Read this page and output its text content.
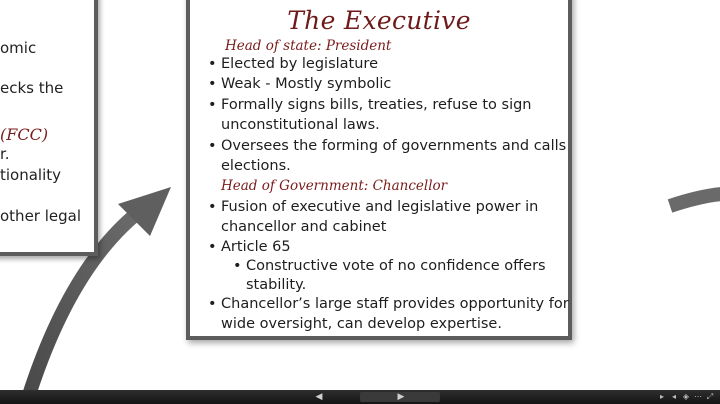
omic
ecks the
(FCC)
r.
tionality
other legal
The Executive
Head of state: President
• Elected by legislature
• Weak - Mostly symbolic
• Formally signs bills, treaties, refuse to sign
unconstitutional laws.
• Oversees the forming of governments and calls
elections.
Head of Government: Chancellor
• Fusion of executive and legislative power in
chancellor and cabinet
• Article 65
• Constructive vote of no confidence offers
stability.
• Chancellor’s large staff provides opportunity for
wide oversight, can develop expertise.
◀	▶	▸ ◂ ◈ ⋯ ⤢
